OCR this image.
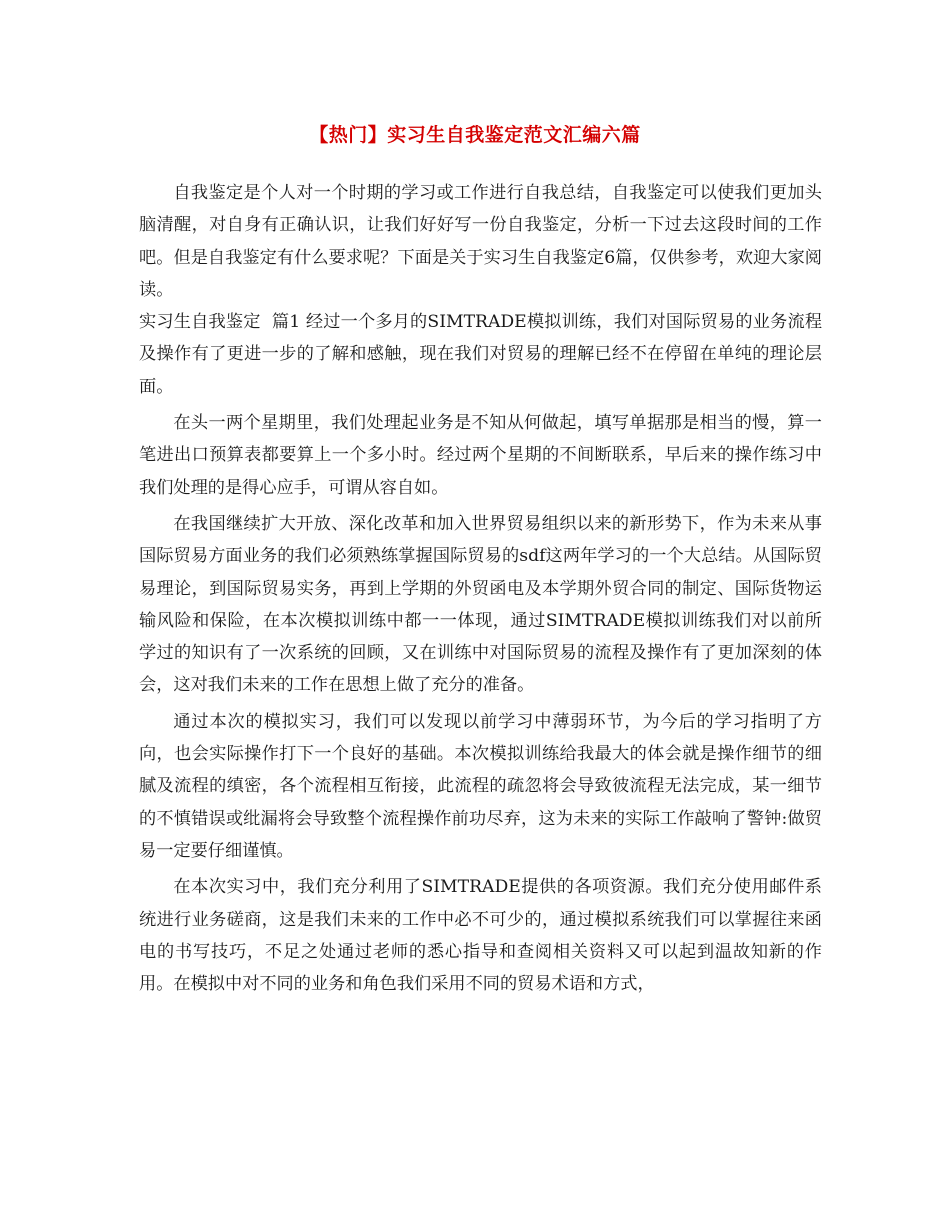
【热门】实习生自我鉴定范文汇编六篇

自我鉴定是个人对一个时期的学习或工作进行自我总结，自我鉴定可以使我们更加头脑清醒，对自身有正确认识，让我们好好写一份自我鉴定，分析一下过去这段时间的工作吧。但是自我鉴定有什么要求呢？下面是关于实习生自我鉴定6篇，仅供参考，欢迎大家阅读。

实习生自我鉴定  篇1 经过一个多月的SIMTRADE模拟训练，我们对国际贸易的业务流程及操作有了更进一步的了解和感触，现在我们对贸易的理解已经不在停留在单纯的理论层面。

在头一两个星期里，我们处理起业务是不知从何做起，填写单据那是相当的慢，算一笔进出口预算表都要算上一个多小时。经过两个星期的不间断联系，早后来的操作练习中我们处理的是得心应手，可谓从容自如。

在我国继续扩大开放、深化改革和加入世界贸易组织以来的新形势下，作为未来从事国际贸易方面业务的我们必须熟练掌握国际贸易的sdf这两年学习的一个大总结。从国际贸易理论，到国际贸易实务，再到上学期的外贸函电及本学期外贸合同的制定、国际货物运输风险和保险，在本次模拟训练中都一一体现，通过SIMTRADE模拟训练我们对以前所学过的知识有了一次系统的回顾，又在训练中对国际贸易的流程及操作有了更加深刻的体会，这对我们未来的工作在思想上做了充分的准备。

通过本次的模拟实习，我们可以发现以前学习中薄弱环节，为今后的学习指明了方向，也会实际操作打下一个良好的基础。本次模拟训练给我最大的体会就是操作细节的细腻及流程的缜密，各个流程相互衔接，此流程的疏忽将会导致彼流程无法完成，某一细节的不慎错误或纰漏将会导致整个流程操作前功尽弃，这为未来的实际工作敲响了警钟:做贸易一定要仔细谨慎。

在本次实习中，我们充分利用了SIMTRADE提供的各项资源。我们充分使用邮件系统进行业务磋商，这是我们未来的工作中必不可少的，通过模拟系统我们可以掌握往来函电的书写技巧，不足之处通过老师的悉心指导和查阅相关资料又可以起到温故知新的作用。在模拟中对不同的业务和角色我们采用不同的贸易术语和方式，
